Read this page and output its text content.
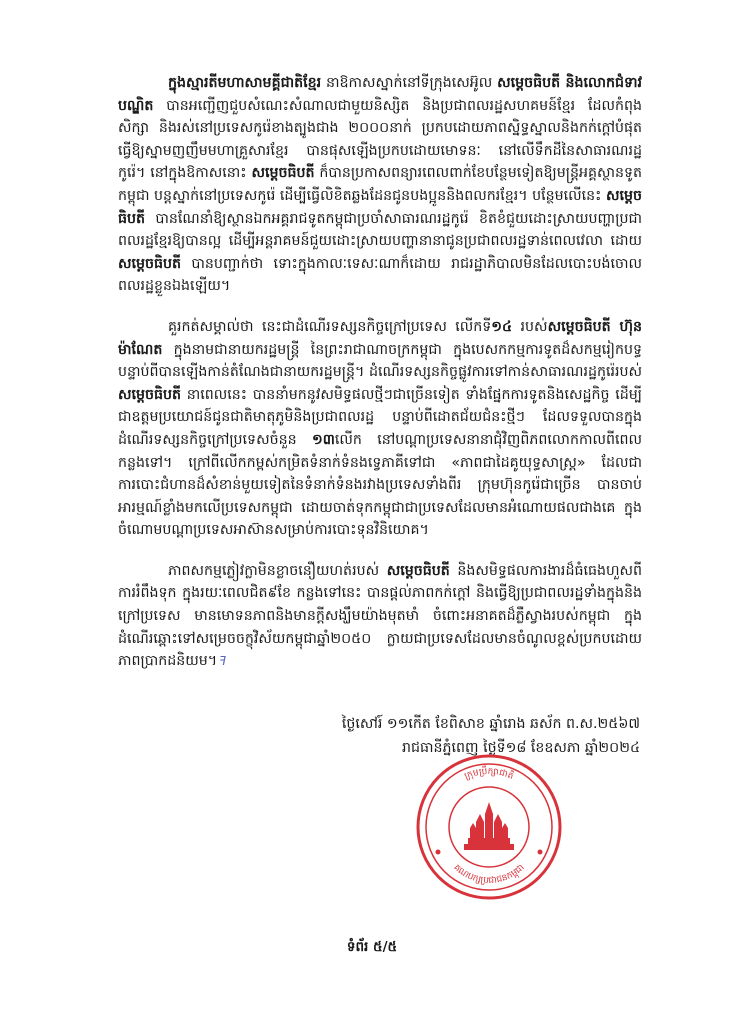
ក្នុងស្មារតីមហាសាមគ្គីជាតិខ្មែរ នាឱកាសស្នាក់នៅទីក្រុងសេអ៊ូល សម្តេចធិបតី និងលោកជំទាវបណ្ឌិត បានអញ្ជើញជួបសំណេះសំណាលជាមួយនិស្សិត និងប្រជាពលរដ្ឋសហគមន៍ខ្មែរ ដែលកំពុងសិក្សា និងរស់នៅប្រទេសកូរ៉េខាងត្បូងជាង ២០០០នាក់ ប្រកបដោយភាពស្និទ្ធស្នាលនិងកក់ក្ដៅបំផុត ធ្វើឱ្យស្នាមញញឹមមហាគ្រួសារខ្មែរ បានផុសឡើងប្រកបដោយមោទនៈ នៅលើទឹកដីនៃសាធារណរដ្ឋកូរ៉េ។ នៅក្នុងឱកាសនោះ សម្តេចធិបតី ក៏បានប្រកាសពន្យារពេលពាក់ខែបន្ថែមទៀតឱ្យមន្ត្រីអគ្គស្ថានទូតកម្ពុជា បន្តស្នាក់នៅប្រទេសកូរ៉េ ដើម្បីធ្វើលិខិតឆ្លងដែនជូនបងប្អូននិងពលករខ្មែរ។ បន្ថែមលើនេះ សម្តេចធិបតី បានណែនាំឱ្យស្ថានឯកអគ្គរាជទូតកម្ពុជាប្រចាំសាធារណរដ្ឋកូរ៉េ ខិតខំជួយដោះស្រាយបញ្ហាប្រជាពលរដ្ឋខ្មែរឱ្យបានល្អ ដើម្បីអន្តរាគមន៍ជួយដោះស្រាយបញ្ហានានាជូនប្រជាពលរដ្ឋទាន់ពេលវេលា ដោយ សម្តេចធិបតី បានបញ្ជាក់ថា ទោះក្នុងកាលៈទេសៈណាក៏ដោយ រាជរដ្ឋាភិបាលមិនដែលបោះបង់ចោលពលរដ្ឋខ្លួនឯងឡើយ។

គួរកត់សម្គាល់ថា នេះជាដំណើរទស្សនកិច្ចក្រៅប្រទេស លើកទី១៤ របស់សម្តេចធិបតី ហ៊ុន ម៉ាណែត ក្នុងនាមជានាយករដ្ឋមន្ត្រី នៃព្រះរាជាណាចក្រកម្ពុជា ក្នុងបេសកកម្មការទូតដ៏សកម្មរៀកបទ្ធ បន្ទាប់ពីបានឡើងកាន់តំណែងជានាយករដ្ឋមន្ត្រី។ ដំណើរទស្សនកិច្ចផ្លូវការទៅកាន់សាធារណរដ្ឋកូរ៉េរបស់ សម្តេចធិបតី នាពេលនេះ បាននាំមកនូវសមិទ្ធផលថ្មីៗជាច្រើនទៀត ទាំងផ្នែកការទូតនិងសេដ្ឋកិច្ច ដើម្បីជាឧត្តមប្រយោជន៍ជូនជាតិមាតុភូមិនិងប្រជាពលរដ្ឋ បន្ទាប់ពីដោតជ័យជំនះថ្មីៗ ដែលទទួលបានក្នុងដំណើរទស្សនកិច្ចក្រៅប្រទេសចំនួន ១៣លើក នៅបណ្តាប្រទេសនានាជុំវិញពិភពលោកកាលពីពេលកន្លងទៅ។ ក្រៅពីលើកកម្ពស់កម្រិតទំនាក់ទំនងទ្វេភាគីទៅជា «ភាពជាដៃគូយុទ្ធសាស្ត្រ» ដែលជាការបោះជំហានដ៏សំខាន់មួយទៀតនៃទំនាក់ទំនងរវាងប្រទេសទាំងពីរ ក្រុមហ៊ុនកូរ៉េជាច្រើន បានចាប់អារម្មណ៍ខ្លាំងមកលើប្រទេសកម្ពុជា ដោយចាត់ទុកកម្ពុជាជាប្រទេសដែលមានអំណោយផលជាងគេ ក្នុងចំណោមបណ្តាប្រទេសអាស៊ានសម្រាប់ការបោះទុនវិនិយោគ។

ភាពសកម្មភ្លៀវក្លាមិនខ្លាចនឿយហត់របស់ សម្តេចធិបតី និងសមិទ្ធផលការងារដ៏ធំធេងហួសពីការរំពឹងទុក ក្នុងរយៈពេលជិត៩ខែ កន្លងទៅនេះ បានផ្តល់ភាពកក់ក្តៅ និងធ្វើឱ្យប្រជាពលរដ្ឋទាំងក្នុងនិងក្រៅប្រទេស មានមោទនភាពនិងមានក្តីសង្ឃឹមយ៉ាងមុតមាំ ចំពោះអនាគតដ៏ភ្លឺស្វាងរបស់កម្ពុជា ក្នុងដំណើរឆ្ពោះទៅសម្រេចចក្ខុវិស័យកម្ពុជាឆ្នាំ២០៥០ ក្លាយជាប្រទេសដែលមានចំណូលខ្ពស់ប្រកបដោយភាពប្រាកដនិយម។ ꟻ

ថ្ងៃសៅរ៍ ១១កើត ខែពិសាខ ឆ្នាំរោង ឆស័ក ព.ស.២៥៦៧
រាជធានីភ្នំពេញ ថ្ងៃទី១៨ ខែឧសភា ឆ្នាំ២០២៤
ក្រុមប្រឹក្សាជាតិ
គណបក្សប្រជាជនកម្ពុជា
ទំព័រ ៥/៥
